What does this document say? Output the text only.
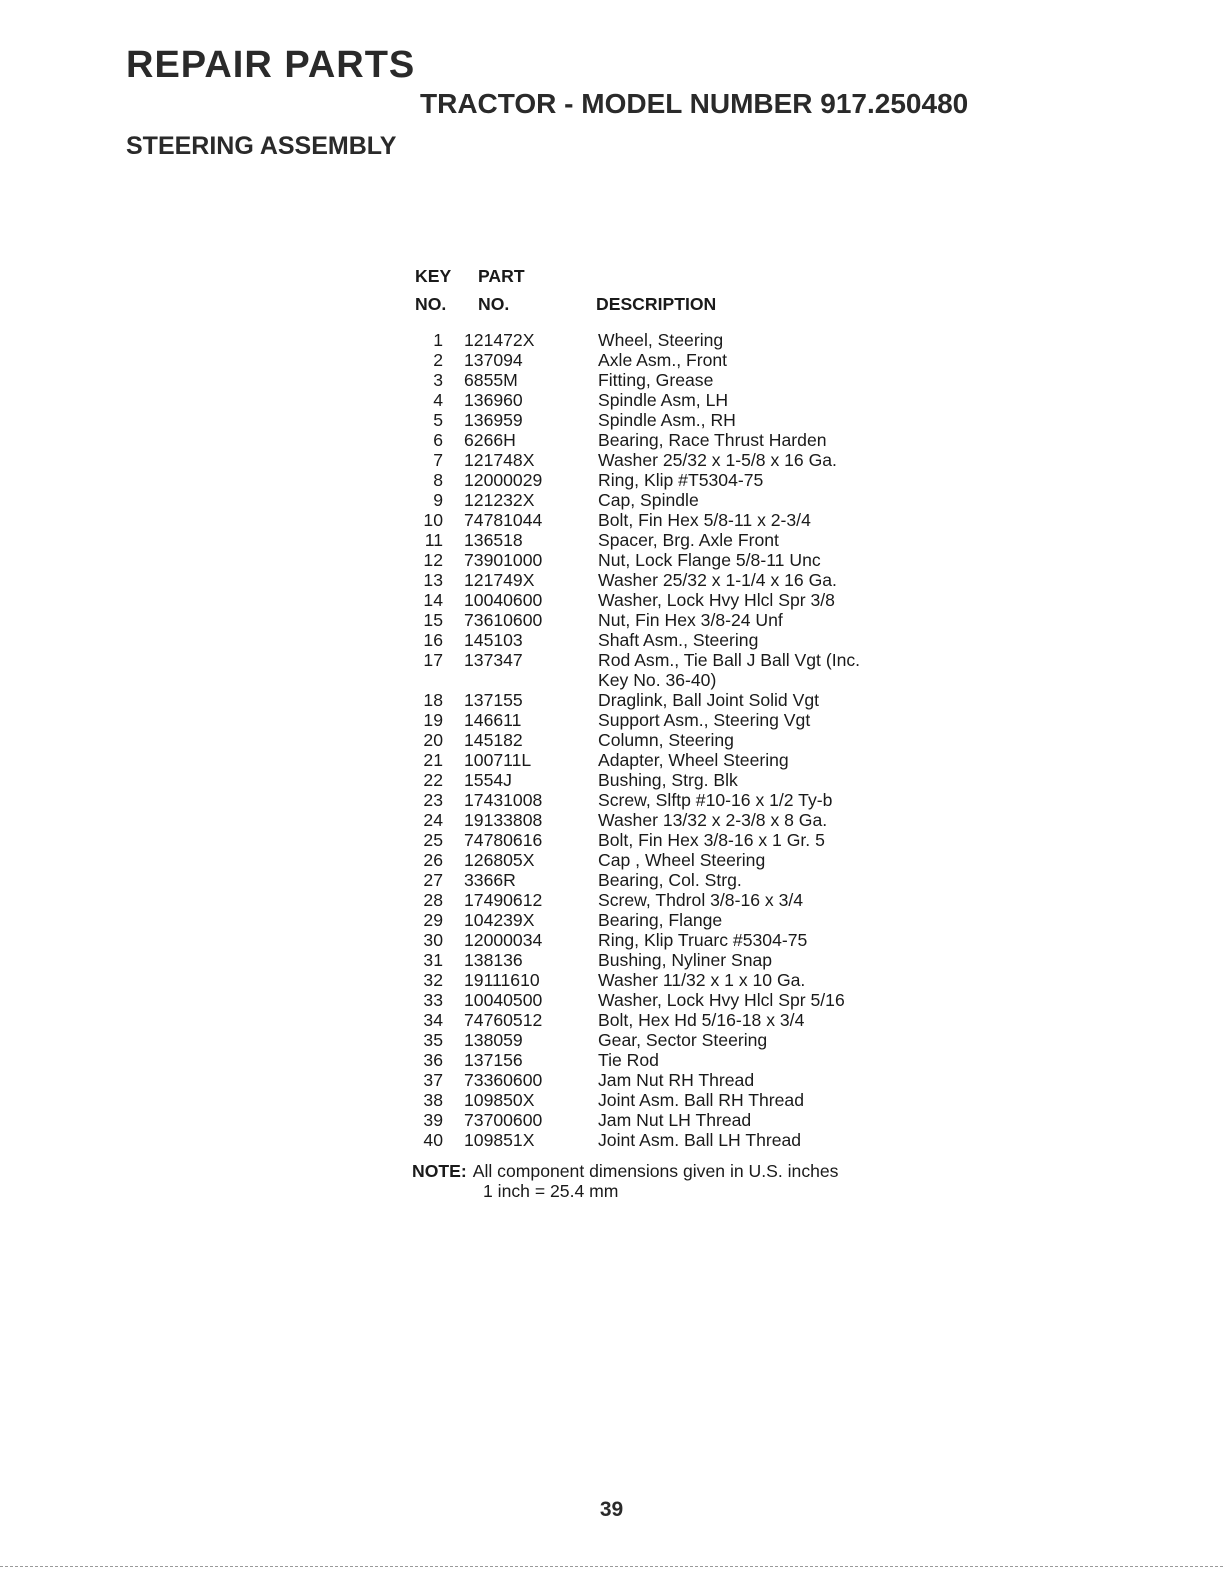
REPAIR PARTS
TRACTOR - MODEL NUMBER 917.250480
STEERING ASSEMBLY
KEY
NO.
PART
NO.	DESCRIPTION
1 121472X	Wheel, Steering
2 137094	Axle Asm., Front
3 6855M	Fitting, Grease
4 136960	Spindle Asm, LH
5 136959	Spindle Asm., RH
6 6266H	Bearing, Race Thrust Harden
7 121748X	Washer 25/32 x 1-5/8 x 16 Ga.
8 12000029	Ring, Klip #T5304-75
9 121232X	Cap, Spindle
10 74781044	Bolt, Fin Hex 5/8-11 x 2-3/4
11 136518	Spacer, Brg. Axle Front
12 73901000	Nut, Lock Flange 5/8-11 Unc
13 121749X	Washer 25/32 x 1-1/4 x 16 Ga.
14 10040600	Washer, Lock Hvy Hlcl Spr 3/8
15 73610600	Nut, Fin Hex 3/8-24 Unf
16 145103	Shaft Asm., Steering
17 137347	Rod Asm., Tie Ball J Ball Vgt (Inc.
Key No. 36-40)
18 137155	Draglink, Ball Joint Solid Vgt
19 146611	Support Asm., Steering Vgt
20 145182	Column, Steering
21 100711L	Adapter, Wheel Steering
22 1554J	Bushing, Strg. Blk
23 17431008	Screw, Slftp #10-16 x 1/2 Ty-b
24 19133808	Washer 13/32 x 2-3/8 x 8 Ga.
25 74780616	Bolt, Fin Hex 3/8-16 x 1 Gr. 5
26 126805X	Cap , Wheel Steering
27 3366R	Bearing, Col. Strg.
28 17490612	Screw, Thdrol 3/8-16 x 3/4
29 104239X	Bearing, Flange
30 12000034	Ring, Klip Truarc #5304-75
31 138136	Bushing, Nyliner Snap
32 19111610	Washer 11/32 x 1 x 10 Ga.
33 10040500	Washer, Lock Hvy Hlcl Spr 5/16
34 74760512	Bolt, Hex Hd 5/16-18 x 3/4
35 138059	Gear, Sector Steering
36 137156	Tie Rod
37 73360600	Jam Nut RH Thread
38 109850X	Joint Asm. Ball RH Thread
39 73700600	Jam Nut LH Thread
40 109851X	Joint Asm. Ball LH Thread
NOTE: All component dimensions given in U.S. inches
1 inch = 25.4 mm
39
